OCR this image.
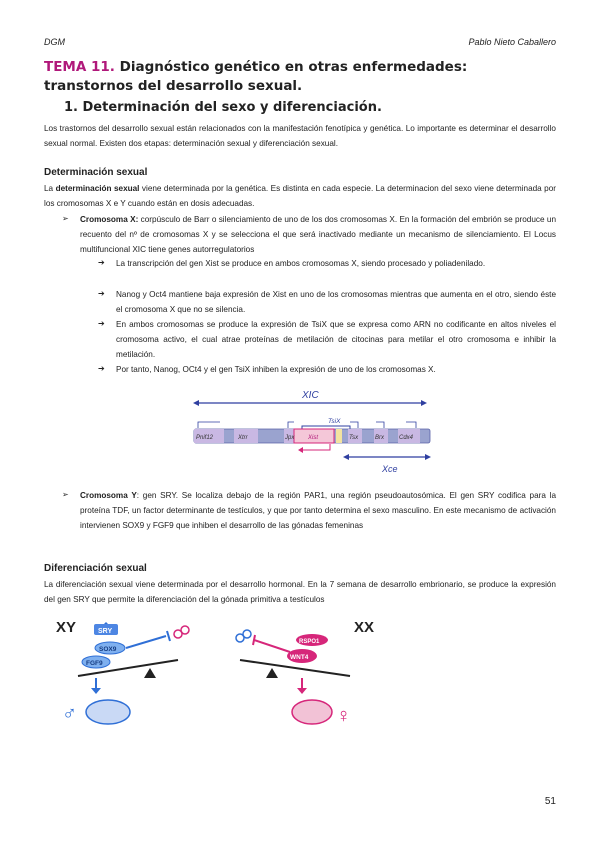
DGM	Pablo Nieto Caballero
TEMA 11. Diagnóstico genético en otras enfermedades: transtornos del desarrollo sexual.
1. Determinación del sexo y diferenciación.
Los trastornos del desarrollo sexual están relacionados con la manifestación fenotípica y genética. Lo importante es determinar el desarrollo sexual normal. Existen dos etapas: determinación sexual y diferenciación sexual.
Determinación sexual
La determinación sexual viene determinada por la genética. Es distinta en cada especie. La determinacion del sexo viene determinada por los cromosomas X e Y cuando están en dosis adecuadas.
➢ Cromosoma X: corpúsculo de Barr o silenciamiento de uno de los dos cromosomas X. En la formación del embrión se produce un recuento del nº de cromosomas X y se selecciona el que será inactivado mediante un mecanismo de silenciamiento. El Locus multifuncional XIC tiene genes autorregulatorios
➔ La transcripción del gen Xist se produce en ambos cromosomas X, siendo procesado y poliadenilado.
➔ Nanog y Oct4 mantiene baja expresión de Xist en uno de los cromosomas mientras que aumenta en el otro, siendo éste el cromosoma X que no se silencia.
➔ En ambos cromosomas se produce la expresión de TsiX que se expresa como ARN no codificante en altos niveles el cromosoma activo, el cual atrae proteínas de metilación de citocinas para metilar el otro cromosoma e inhibir la metilación.
➔ Por tanto, Nanog, OCt4 y el gen TsiX inhiben la expresión de uno de los cromosomas X.
XIC
TsiX
Pnif12	Xtrr	Jpx Xist	Tsx	Brx	Cdx4
Xce
➢ Cromosoma Y: gen SRY. Se localiza debajo de la región PAR1, una región pseudoautosómica. El gen SRY codifica para la proteína TDF, un factor determinante de testículos, y que por tanto determina el sexo masculino. En este mecanismo de activación intervienen SOX9 y FGF9 que inhiben el desarrollo de las gónadas femeninas
Diferenciación sexual
La diferenciación sexual viene determinada por el desarrollo hormonal. En la 7 semana de desarrollo embrionario, se produce la expresión del gen SRY que permite la diferenciación del la gónada primitiva a testículos
XY	XX
SRY
SOX9
FGF9
♂
RSPO1
WNT4
♀
51
